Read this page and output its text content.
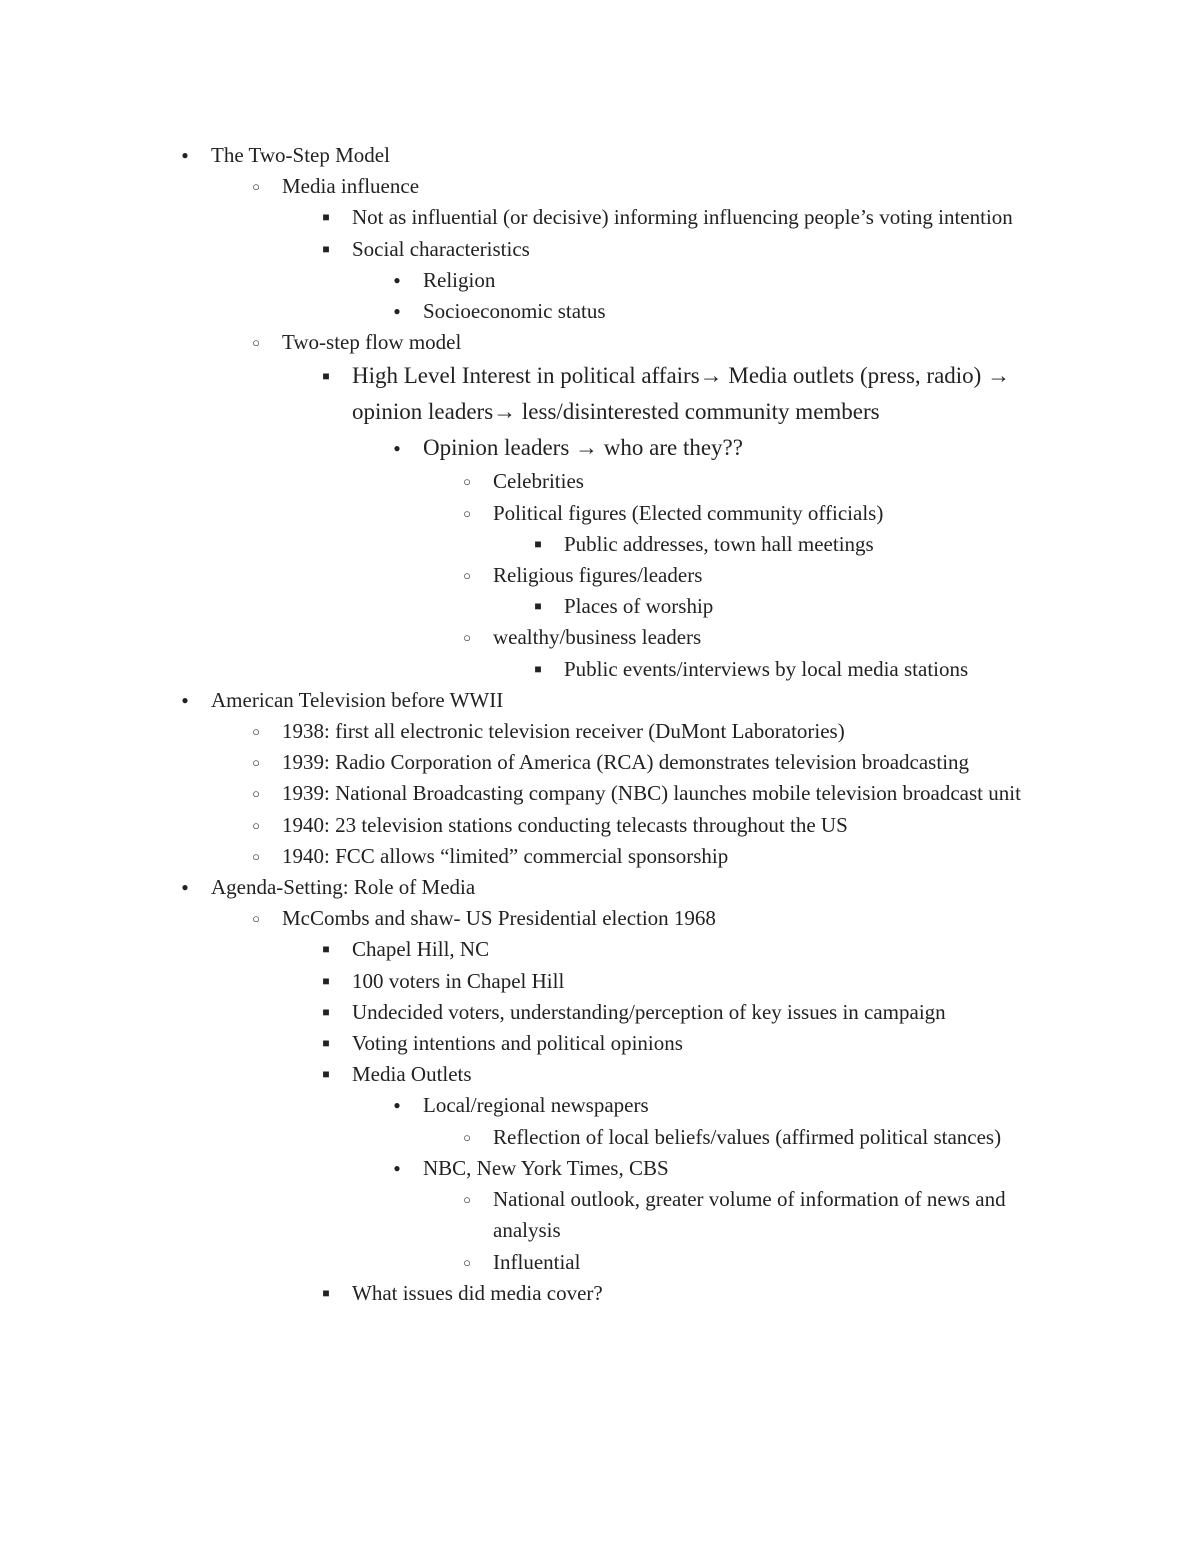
●	The Two-Step Model
○	Media influence
■	Not as influential (or decisive) informing influencing people’s voting intention
■	Social characteristics
●	Religion
●	Socioeconomic status
○	Two-step flow model
■ High Level Interest in political affairs→ Media outlets (press, radio) → opinion leaders→ less/disinterested community members
● Opinion leaders → who are they??
○	Celebrities
○	Political figures (Elected community officials)
■	Public addresses, town hall meetings
○	Religious figures/leaders
■	Places of worship
○	wealthy/business leaders
■	Public events/interviews by local media stations
●	American Television before WWII
○	1938: first all electronic television receiver (DuMont Laboratories)
○	1939: Radio Corporation of America (RCA) demonstrates television broadcasting
○	1939: National Broadcasting company (NBC) launches mobile television broadcast unit
○	1940: 23 television stations conducting telecasts throughout the US
○	1940: FCC allows “limited” commercial sponsorship
●	Agenda-Setting: Role of Media
○	McCombs and shaw- US Presidential election 1968
■	Chapel Hill, NC
■	100 voters in Chapel Hill
■	Undecided voters, understanding/perception of key issues in campaign
■	Voting intentions and political opinions
■	Media Outlets
●	Local/regional newspapers
○	Reflection of local beliefs/values (affirmed political stances)
●	NBC, New York Times, CBS
○	National outlook, greater volume of information of news and analysis
○	Influential
■	What issues did media cover?
